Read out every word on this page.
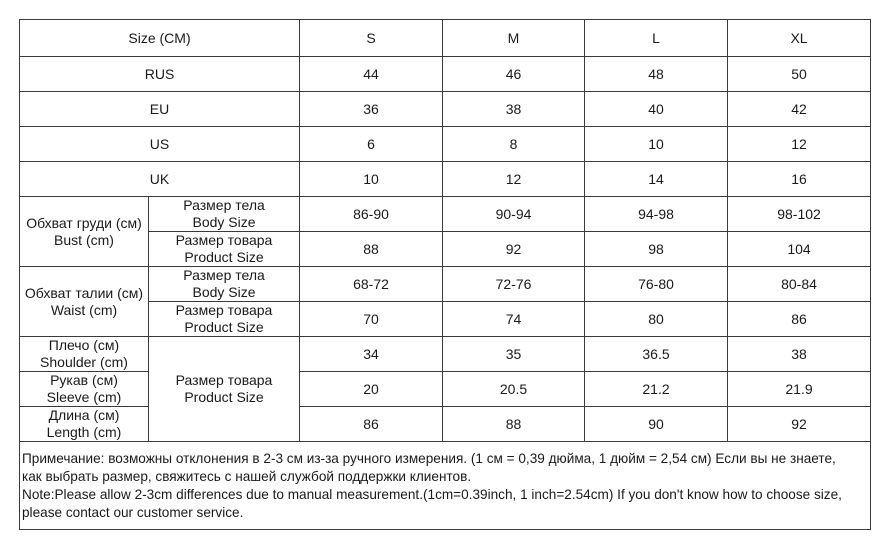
Size (CM)		S	M	L	XL
RUS		44	46	48	50
EU		36	38	40	42
US		6	8	10	12
UK		10	12	14	16

Обхват груди (см)
Bust (cm)	Размер тела
Body Size	86-90	90-94	94-98	98-102

	Размер товара
Product Size	88	92	98	104

Обхват талии (см)
Waist (cm)	Размер тела
Body Size	68-72	72-76	76-80	80-84

	Размер товара
Product Size	70	74	80	86

Плечо (см)
Shoulder (cm)	Размер товара
Product Size	34	35	36.5	38

Рукав (см)
Sleeve (cm)		20	20.5	21.2	21.9

Длина (см)
Length (cm)		86	88	90	92

Примечание: возможны отклонения в 2-3 см из-за ручного измерения. (1 см = 0,39 дюйма, 1 дюйм = 2,54 см) Если вы не знаете,
как выбрать размер, свяжитесь с нашей службой поддержки клиентов.
Note:Please allow 2-3cm differences due to manual measurement.(1cm=0.39inch, 1 inch=2.54cm) If you don't know how to choose size,
please contact our customer service.					
